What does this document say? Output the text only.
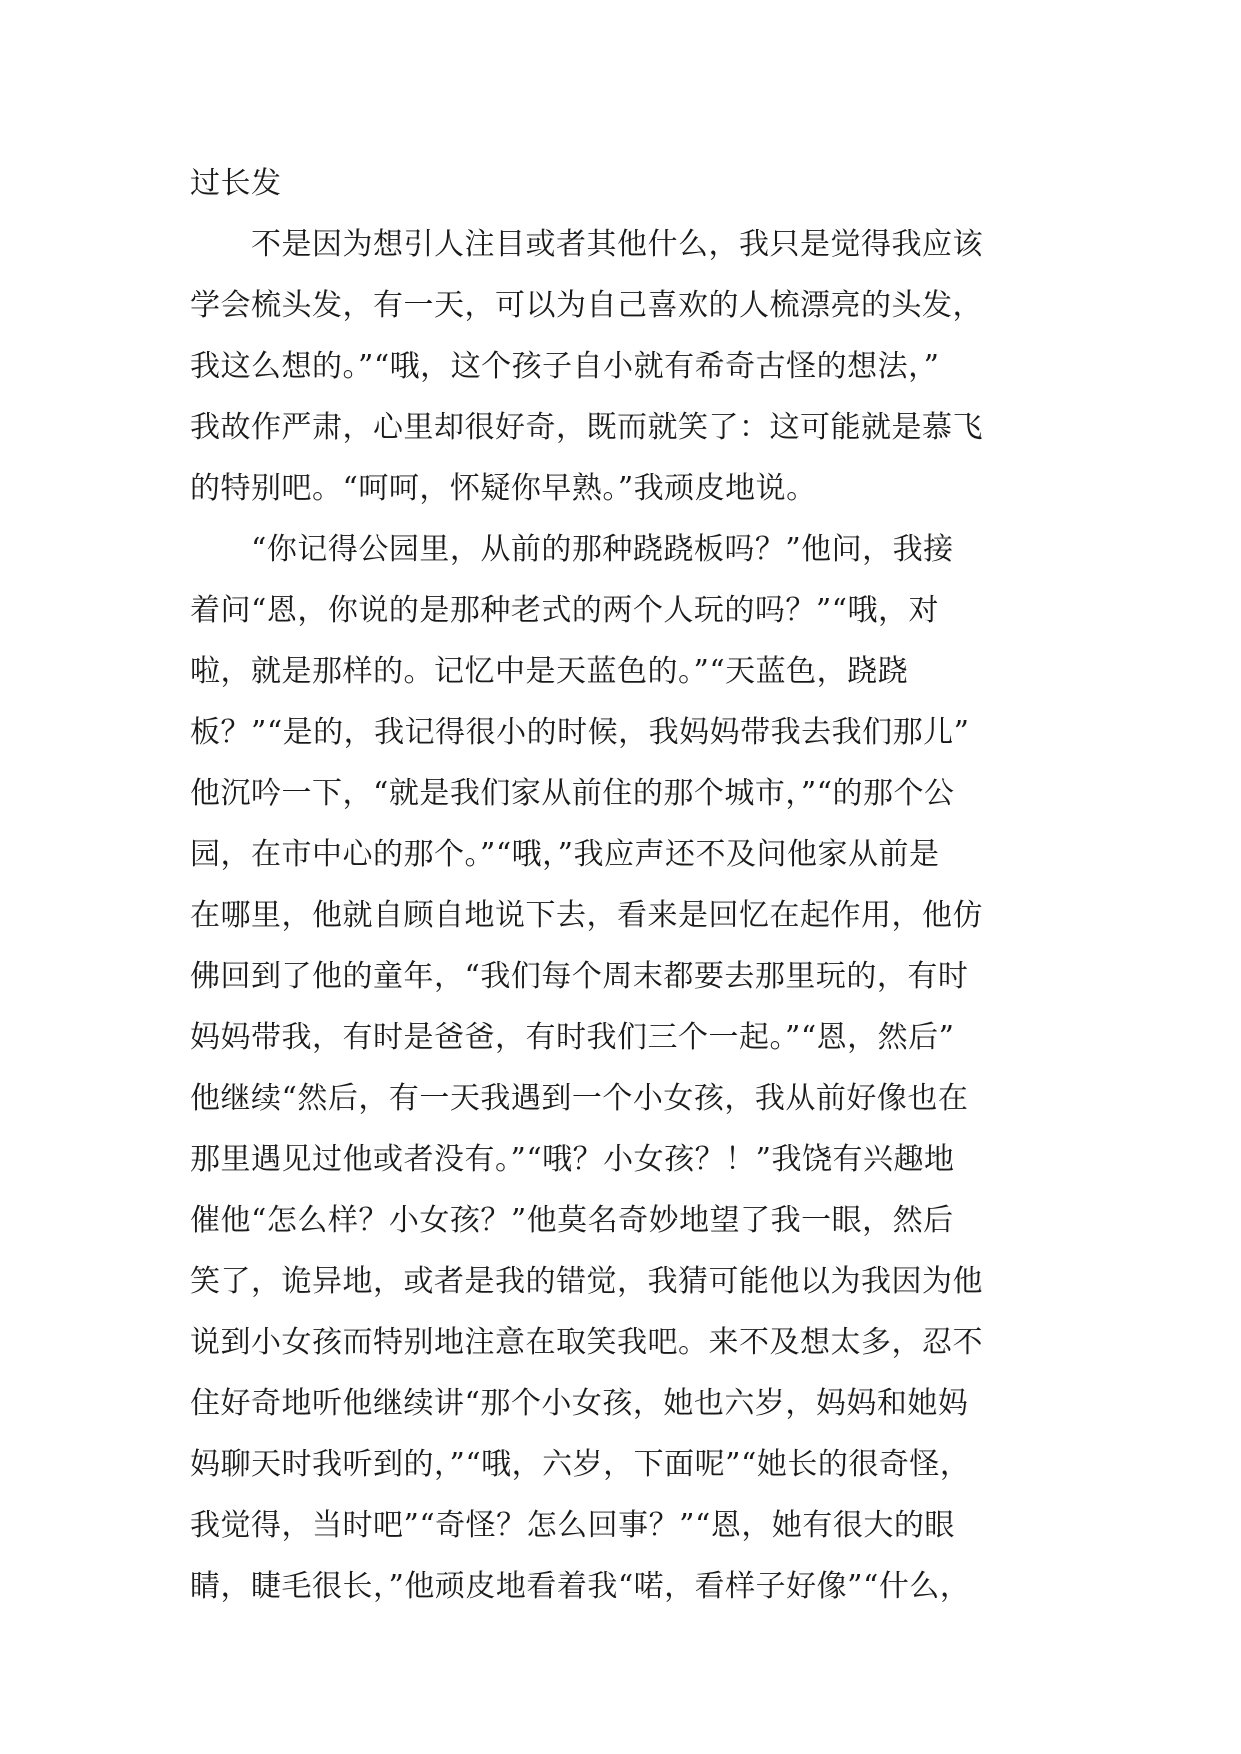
过长发
　　不是因为想引人注目或者其他什么，我只是觉得我应该
学会梳头发，有一天，可以为自己喜欢的人梳漂亮的头发，
我这么想的。”“哦，这个孩子自小就有希奇古怪的想法，”
我故作严肃，心里却很好奇，既而就笑了：这可能就是慕飞
的特别吧。“呵呵，怀疑你早熟。”我顽皮地说。
　　“你记得公园里，从前的那种跷跷板吗？”他问，我接
着问“恩，你说的是那种老式的两个人玩的吗？”“哦，对
啦，就是那样的。记忆中是天蓝色的。”“天蓝色，跷跷
板？”“是的，我记得很小的时候，我妈妈带我去我们那儿”
他沉吟一下，“就是我们家从前住的那个城市，”“的那个公
园，在市中心的那个。”“哦，”我应声还不及问他家从前是
在哪里，他就自顾自地说下去，看来是回忆在起作用，他仿
佛回到了他的童年，“我们每个周末都要去那里玩的，有时
妈妈带我，有时是爸爸，有时我们三个一起。”“恩，然后”
他继续“然后，有一天我遇到一个小女孩，我从前好像也在
那里遇见过他或者没有。”“哦？小女孩？！”我饶有兴趣地
催他“怎么样？小女孩？”他莫名奇妙地望了我一眼，然后
笑了，诡异地，或者是我的错觉，我猜可能他以为我因为他
说到小女孩而特别地注意在取笑我吧。来不及想太多，忍不
住好奇地听他继续讲“那个小女孩，她也六岁，妈妈和她妈
妈聊天时我听到的，”“哦，六岁，下面呢”“她长的很奇怪，
我觉得，当时吧”“奇怪？怎么回事？”“恩，她有很大的眼
睛，睫毛很长，”他顽皮地看着我“喏，看样子好像”“什么，
